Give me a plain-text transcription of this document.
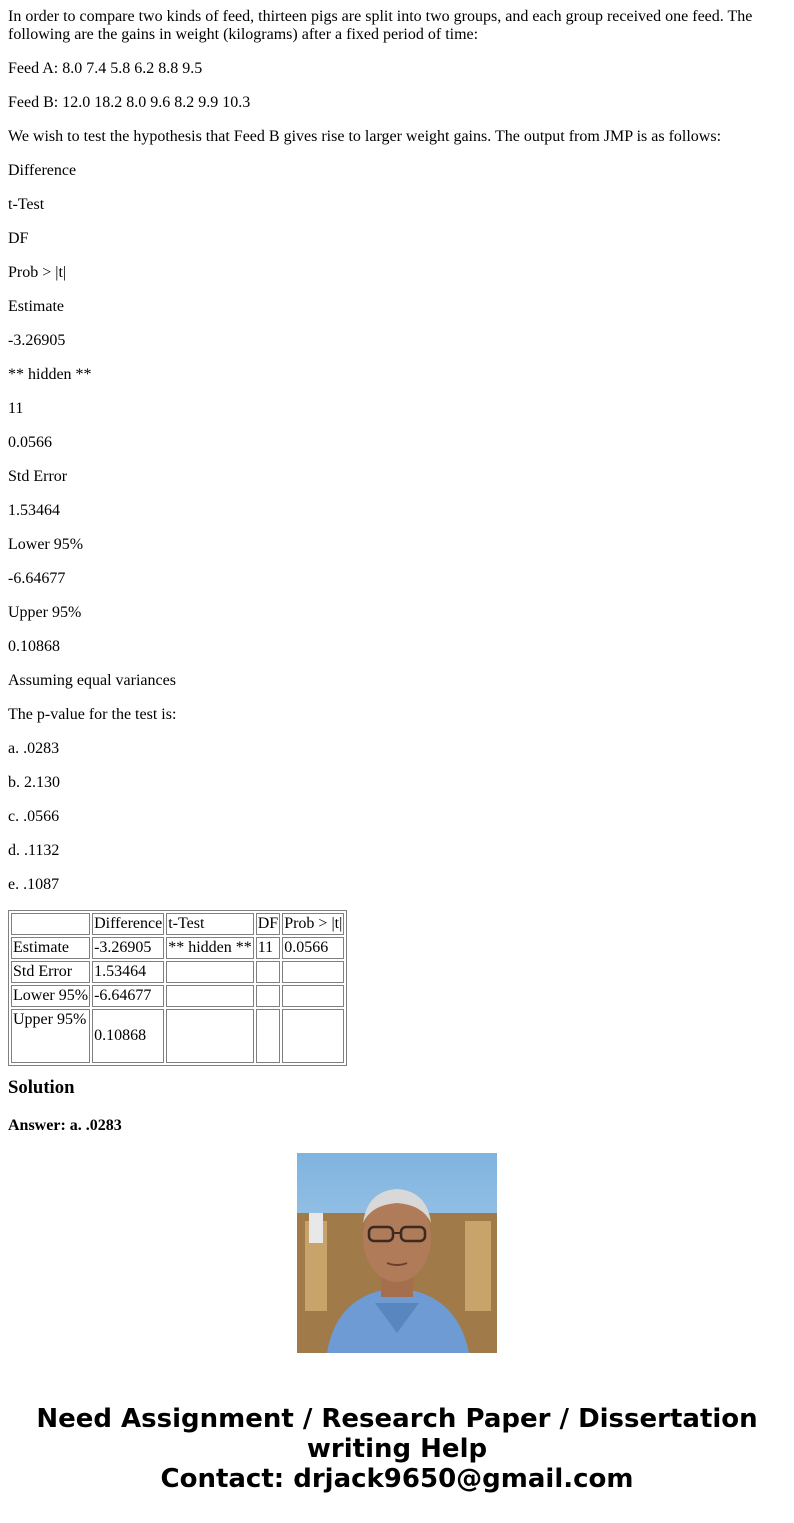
In order to compare two kinds of feed, thirteen pigs are split into two groups, and each group received one feed. The following are the gains in weight (kilograms) after a fixed period of time:

Feed A: 8.0 7.4 5.8 6.2 8.8 9.5

Feed B: 12.0 18.2 8.0 9.6 8.2 9.9 10.3

We wish to test the hypothesis that Feed B gives rise to larger weight gains. The output from JMP is as follows:

Difference

t-Test

DF

Prob > |t|

Estimate

-3.26905

** hidden **

11

0.0566

Std Error

1.53464

Lower 95%

-6.64677

Upper 95%

0.10868

Assuming equal variances

The p-value for the test is:

a. .0283

b. 2.130

c. .0566

d. .1132

e. .1087

	Difference	t-Test	DF	Prob > |t|
Estimate	-3.26905	** hidden **	11	0.0566
Std Error	1.53464			
Lower 95%	-6.64677			
Upper 95%	0.10868			
Solution
Answer: a. .0283
Need Assignment / Research Paper / Dissertation
writing Help
Contact: drjack9650@gmail.com
